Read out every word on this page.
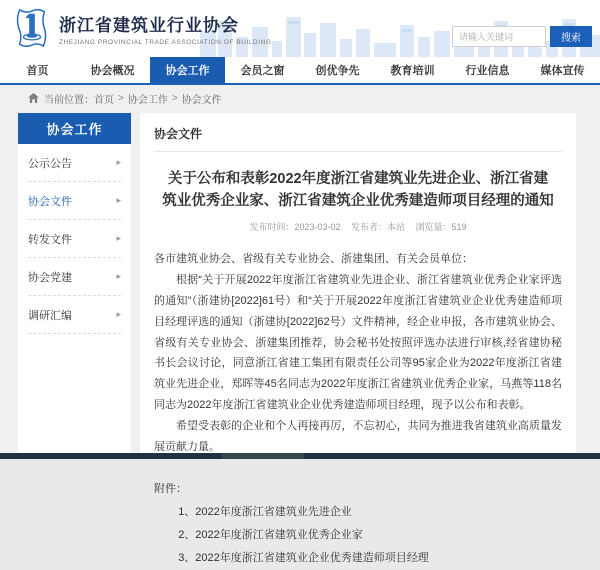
浙江省建筑业行业协会
ZHEJIANG PROVINCIAL TRADE ASSOCIATION OF BUILDING
请输入关键词	搜索
首页	协会概况	协会工作	会员之窗	创优争先	教育培训	行业信息	媒体宣传
当前位置： 首页 > 协会工作 > 协会文件
协会工作
公示公告	▸
协会文件	▸
转发文件	▸
协会党建	▸
调研汇编	▸
协会文件
关于公布和表彰2022年度浙江省建筑业先进企业、浙江省建筑业优秀企业家、浙江省建筑企业优秀建造师项目经理的通知
发布时间：2023-03-02 发布者：本站 浏览量：519

各市建筑业协会、省级有关专业协会、浙建集团、有关会员单位：

根据“关于开展2022年度浙江省建筑业先进企业、浙江省建筑业优秀企业家评选的通知”（浙建协[2022]61号）和“关于开展2022年度浙江省建筑业企业优秀建造师项目经理评选的通知（浙建协[2022]62号）文件精神，经企业申报，各市建筑业协会、省级有关专业协会、浙建集团推荐，协会秘书处按照评选办法进行审核,经省建协秘书长会议讨论，同意浙江省建工集团有限责任公司等95家企业为2022年度浙江省建筑业先进企业，郑晖等45名同志为2022年度浙江省建筑业优秀企业家，马燕等118名同志为2022年度浙江省建筑业企业优秀建造师项目经理，现予以公布和表彰。

希望受表彰的企业和个人再接再厉，不忘初心，共同为推进我省建筑业高质量发展贡献力量。

附件：
1、2022年度浙江省建筑业先进企业
2、2022年度浙江省建筑业优秀企业家
3、2022年度浙江省建筑业企业优秀建造师项目经理
